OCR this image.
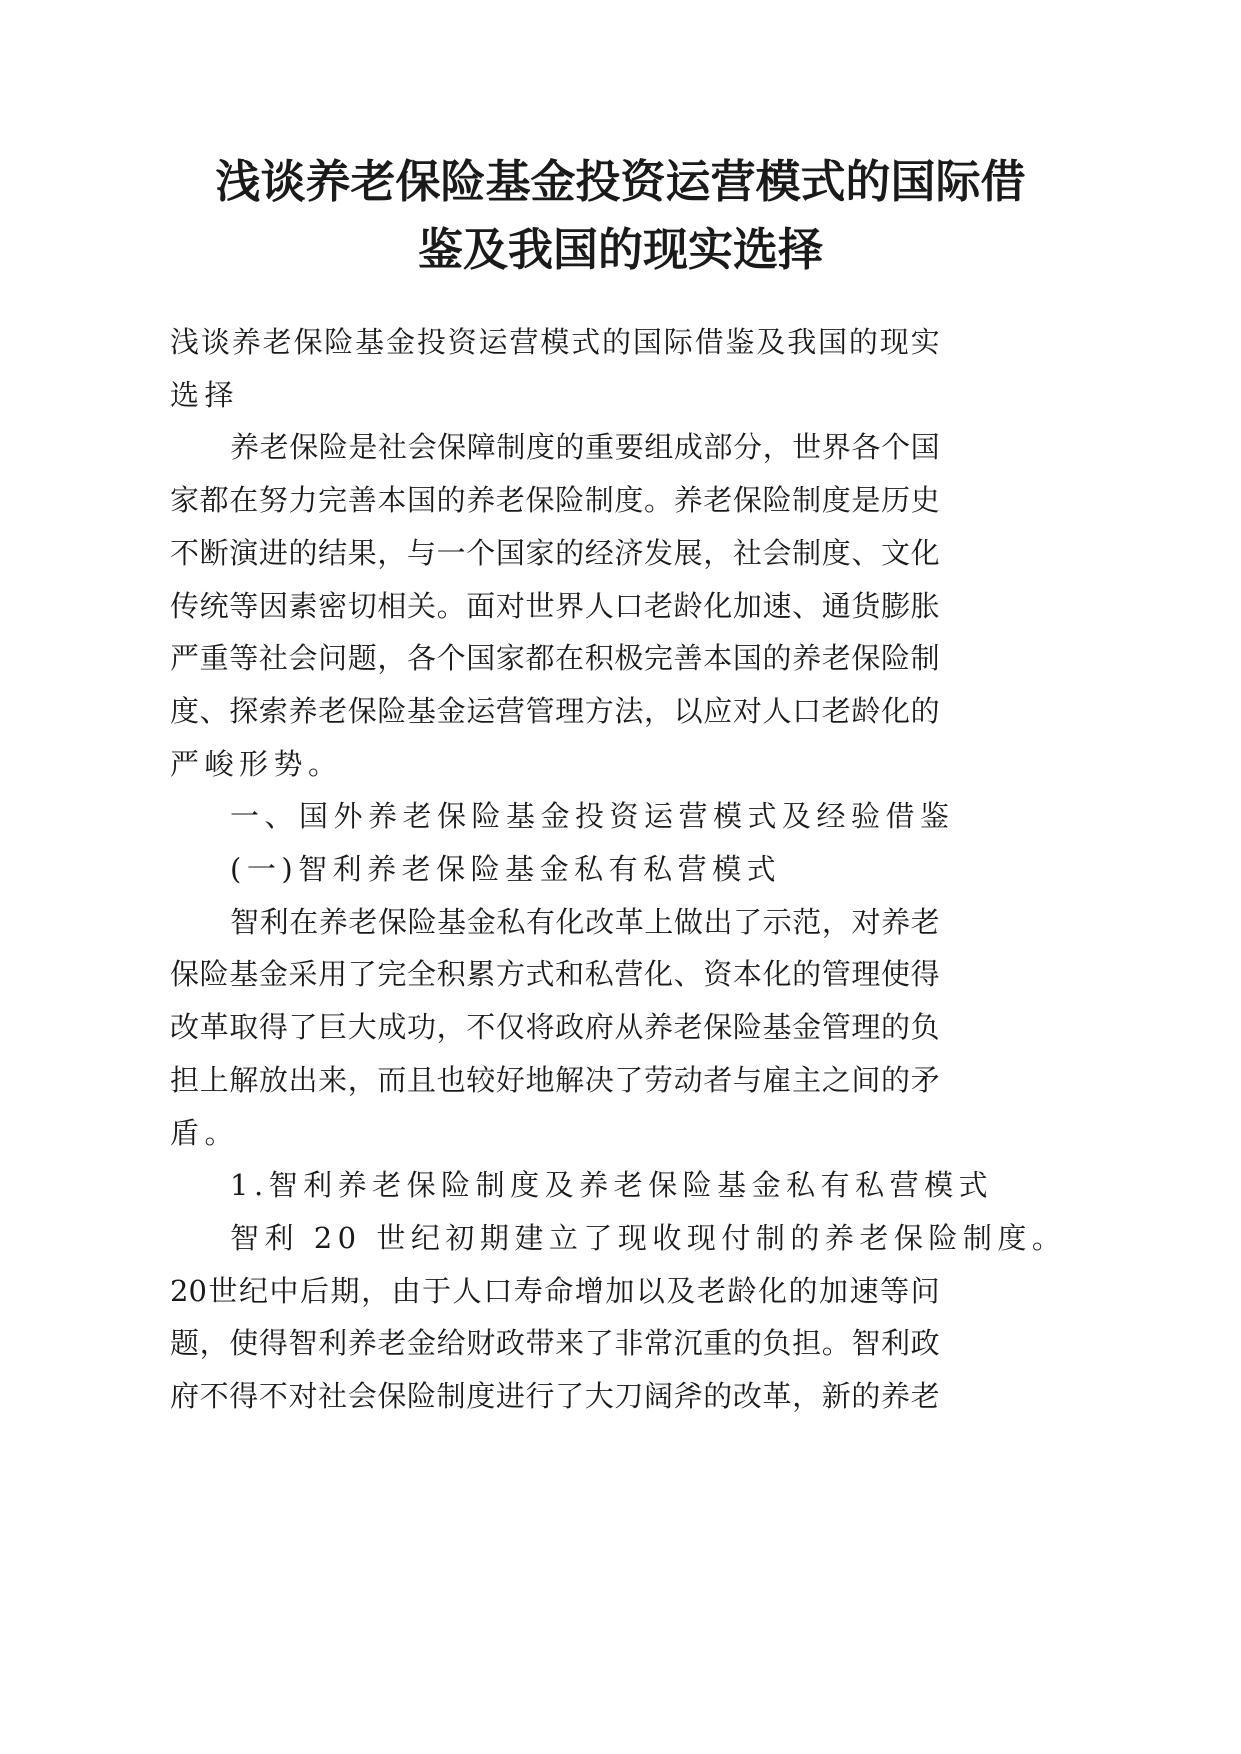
浅谈养老保险基金投资运营模式的国际借
鉴及我国的现实选择
浅 谈 养 老 保 险 基 金 投 资 运 营 模 式 的 国 际 借 鉴 及 我 国 的 现 实
选择
养 老 保 险 是 社 会 保 障 制 度 的 重 要 组 成 部 分 ， 世 界 各 个 国
家 都 在 努 力 完 善 本 国 的 养 老 保 险 制 度 。 养 老 保 险 制 度 是 历 史
不 断 演 进 的 结 果 ， 与 一 个 国 家 的 经 济 发 展 ， 社 会 制 度 、 文 化
传 统 等 因 素 密 切 相 关 。 面 对 世 界 人 口 老 龄 化 加 速 、 通 货 膨 胀
严 重 等 社 会 问 题 ， 各 个 国 家 都 在 积 极 完 善 本 国 的 养 老 保 险 制
度 、 探 索 养 老 保 险 基 金 运 营 管 理 方 法 ， 以 应 对 人 口 老 龄 化 的
严峻形势。
一、国外养老保险基金投资运营模式及经验借鉴
(一)智利养老保险基金私有私营模式
智 利 在 养 老 保 险 基 金 私 有 化 改 革 上 做 出 了 示 范 ， 对 养 老
保 险 基 金 采 用 了 完 全 积 累 方 式 和 私 营 化 、 资 本 化 的 管 理 使 得
改 革 取 得 了 巨 大 成 功 ， 不 仅 将 政 府 从 养 老 保 险 基 金 管 理 的 负
担 上 解 放 出 来 ， 而 且 也 较 好 地 解 决 了 劳 动 者 与 雇 主 之 间 的 矛
盾。
1.智利养老保险制度及养老保险基金私有私营模式
智利 20 世纪初期建立了现收现付制的养老保险制度。
20 世 纪 中 后 期 ， 由 于 人 口 寿 命 增 加 以 及 老 龄 化 的 加 速 等 问
题 ， 使 得 智 利 养 老 金 给 财 政 带 来 了 非 常 沉 重 的 负 担 。 智 利 政
府 不 得 不 对 社 会 保 险 制 度 进 行 了 大 刀 阔 斧 的 改 革 ， 新 的 养 老
